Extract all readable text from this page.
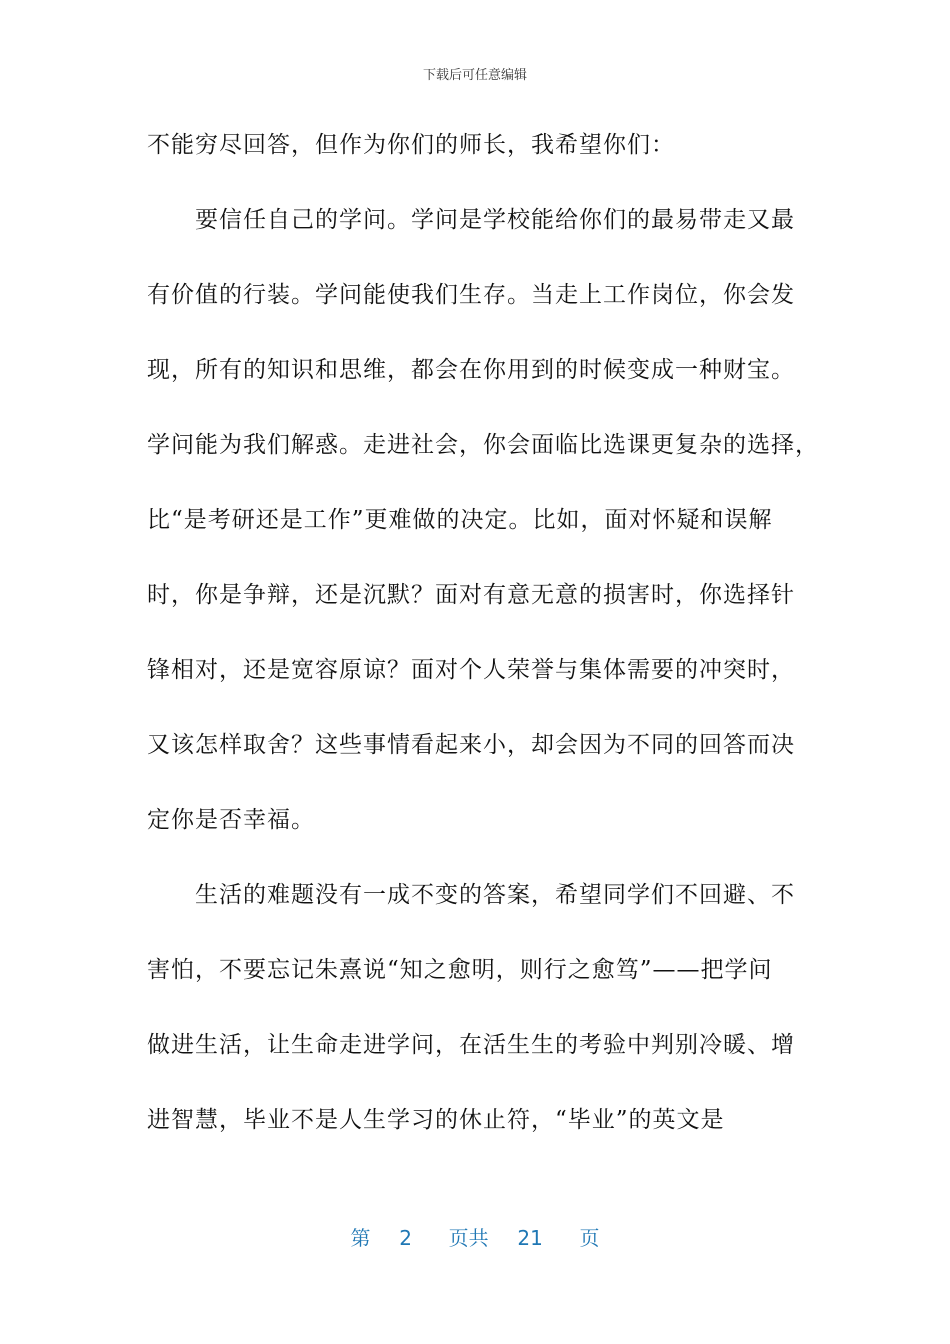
下载后可任意编辑
不能穷尽回答，但作为你们的师长，我希望你们：
　　要信任自己的学问。学问是学校能给你们的最易带走又最
有价值的行装。学问能使我们生存。当走上工作岗位，你会发
现，所有的知识和思维，都会在你用到的时候变成一种财宝。
学问能为我们解惑。走进社会，你会面临比选课更复杂的选择，
比“是考研还是工作”更难做的决定。比如，面对怀疑和误解
时，你是争辩，还是沉默？面对有意无意的损害时，你选择针
锋相对，还是宽容原谅？面对个人荣誉与集体需要的冲突时，
又该怎样取舍？这些事情看起来小，却会因为不同的回答而决
定你是否幸福。
　　生活的难题没有一成不变的答案，希望同学们不回避、不
害怕，不要忘记朱熹说“知之愈明，则行之愈笃”——把学问
做进生活，让生命走进学问，在活生生的考验中判别冷暖、增
进智慧，毕业不是人生学习的休止符，“毕业”的英文是
第 2 页共 21 页
